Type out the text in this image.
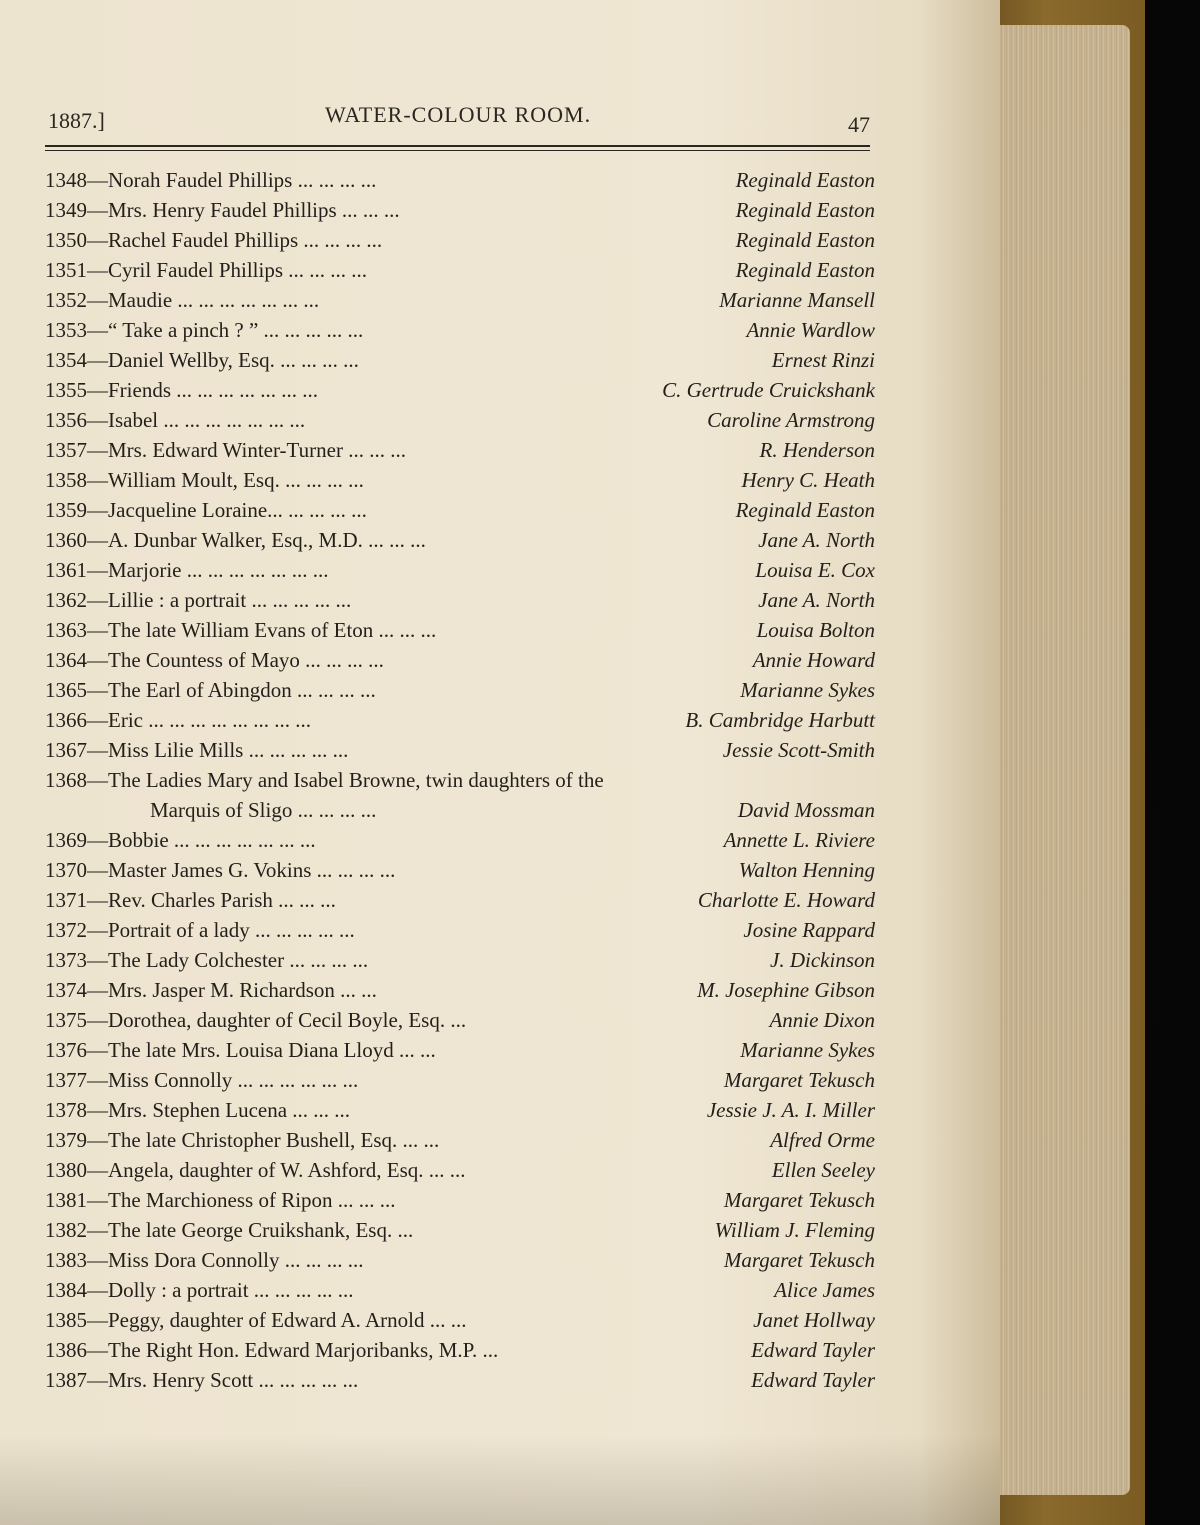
1887.]	WATER-COLOUR ROOM.	47
1348—Norah Faudel Phillips ... ... ... ...	Reginald Easton
1349—Mrs. Henry Faudel Phillips ... ... ...	Reginald Easton
1350—Rachel Faudel Phillips ... ... ... ...	Reginald Easton
1351—Cyril Faudel Phillips ... ... ... ...	Reginald Easton
1352—Maudie ... ... ... ... ... ... ...	Marianne Mansell
1353—“ Take a pinch ? ” ... ... ... ... ...	Annie Wardlow
1354—Daniel Wellby, Esq. ... ... ... ...	Ernest Rinzi
1355—Friends ... ... ... ... ... ... ...	C. Gertrude Cruickshank
1356—Isabel ... ... ... ... ... ... ...	Caroline Armstrong
1357—Mrs. Edward Winter-Turner ... ... ...	R. Henderson
1358—William Moult, Esq. ... ... ... ...	Henry C. Heath
1359—Jacqueline Loraine... ... ... ... ...	Reginald Easton
1360—A. Dunbar Walker, Esq., M.D. ... ... ...	Jane A. North
1361—Marjorie ... ... ... ... ... ... ...	Louisa E. Cox
1362—Lillie : a portrait ... ... ... ... ...	Jane A. North
1363—The late William Evans of Eton ... ... ...	Louisa Bolton
1364—The Countess of Mayo ... ... ... ...	Annie Howard
1365—The Earl of Abingdon ... ... ... ...	Marianne Sykes
1366—Eric ... ... ... ... ... ... ... ...	B. Cambridge Harbutt
1367—Miss Lilie Mills ... ... ... ... ...	Jessie Scott-Smith
1368—The Ladies Mary and Isabel Browne, twin daughters of the
Marquis of Sligo ... ... ... ...	David Mossman
1369—Bobbie ... ... ... ... ... ... ...	Annette L. Riviere
1370—Master James G. Vokins ... ... ... ...	Walton Henning
1371—Rev. Charles Parish ... ... ...	Charlotte E. Howard
1372—Portrait of a lady ... ... ... ... ...	Josine Rappard
1373—The Lady Colchester ... ... ... ...	J. Dickinson
1374—Mrs. Jasper M. Richardson ... ...	M. Josephine Gibson
1375—Dorothea, daughter of Cecil Boyle, Esq. ...	Annie Dixon
1376—The late Mrs. Louisa Diana Lloyd ... ...	Marianne Sykes
1377—Miss Connolly ... ... ... ... ... ...	Margaret Tekusch
1378—Mrs. Stephen Lucena ... ... ...	Jessie J. A. I. Miller
1379—The late Christopher Bushell, Esq. ... ...	Alfred Orme
1380—Angela, daughter of W. Ashford, Esq. ... ...	Ellen Seeley
1381—The Marchioness of Ripon ... ... ...	Margaret Tekusch
1382—The late George Cruikshank, Esq. ...	William J. Fleming
1383—Miss Dora Connolly ... ... ... ...	Margaret Tekusch
1384—Dolly : a portrait ... ... ... ... ...	Alice James
1385—Peggy, daughter of Edward A. Arnold ... ...	Janet Hollway
1386—The Right Hon. Edward Marjoribanks, M.P. ...	Edward Tayler
1387—Mrs. Henry Scott ... ... ... ... ...	Edward Tayler
